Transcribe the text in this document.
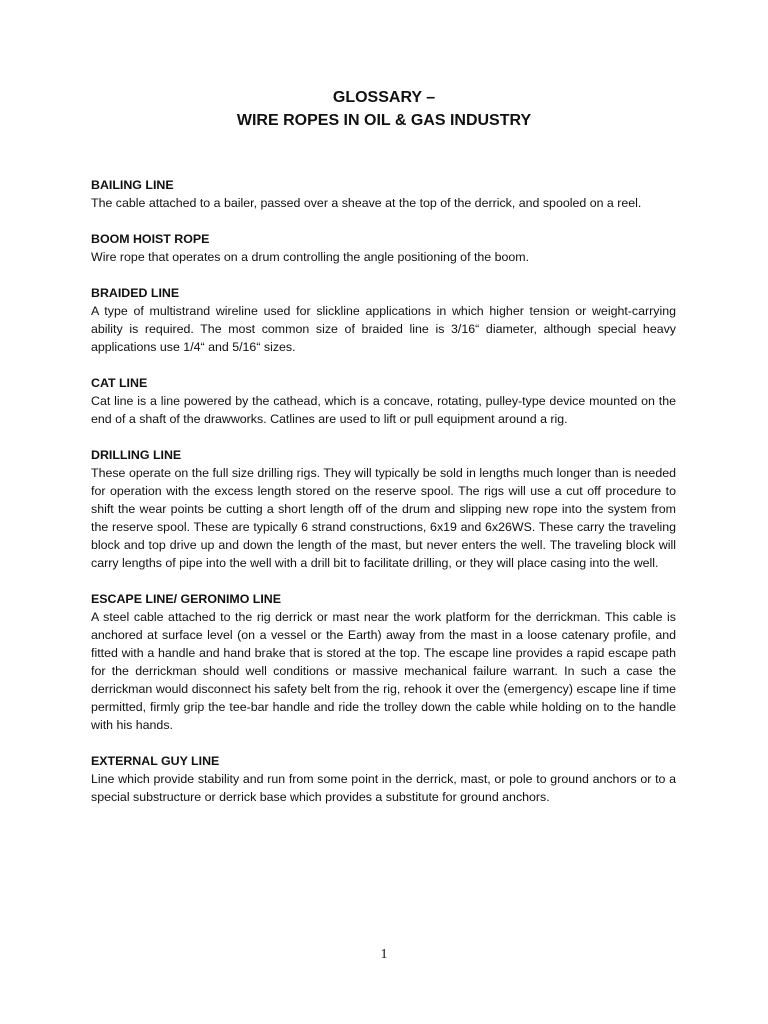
GLOSSARY –
WIRE ROPES IN OIL & GAS INDUSTRY

BAILING LINE

The cable attached to a bailer, passed over a sheave at the top of the derrick, and spooled on a reel.

BOOM HOIST ROPE

Wire rope that operates on a drum controlling the angle positioning of the boom.

BRAIDED LINE

A type of multistrand wireline used for slickline applications in which higher tension or weight-carrying ability is required. The most common size of braided line is 3/16“ diameter, although special heavy applications use 1/4“ and 5/16“ sizes.

CAT LINE

Cat line is a line powered by the cathead, which is a concave, rotating, pulley-type device mounted on the end of a shaft of the drawworks. Catlines are used to lift or pull equipment around a rig.

DRILLING LINE

These operate on the full size drilling rigs. They will typically be sold in lengths much longer than is needed for operation with the excess length stored on the reserve spool. The rigs will use a cut off procedure to shift the wear points be cutting a short length off of the drum and slipping new rope into the system from the reserve spool. These are typically 6 strand constructions, 6x19 and 6x26WS. These carry the traveling block and top drive up and down the length of the mast, but never enters the well. The traveling block will carry lengths of pipe into the well with a drill bit to facilitate drilling, or they will place casing into the well.

ESCAPE LINE/ GERONIMO LINE

A steel cable attached to the rig derrick or mast near the work platform for the derrickman. This cable is anchored at surface level (on a vessel or the Earth) away from the mast in a loose catenary profile, and fitted with a handle and hand brake that is stored at the top. The escape line provides a rapid escape path for the derrickman should well conditions or massive mechanical failure warrant. In such a case the derrickman would disconnect his safety belt from the rig, rehook it over the (emergency) escape line if time permitted, firmly grip the tee-bar handle and ride the trolley down the cable while holding on to the handle with his hands.

EXTERNAL GUY LINE

Line which provide stability and run from some point in the derrick, mast, or pole to ground anchors or to a special substructure or derrick base which provides a substitute for ground anchors.

1
